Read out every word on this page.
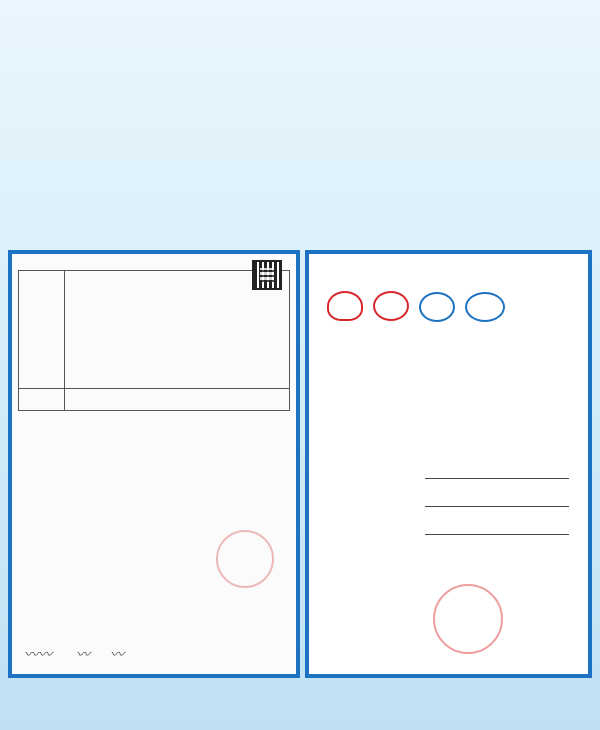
〰〰 〰 〰
